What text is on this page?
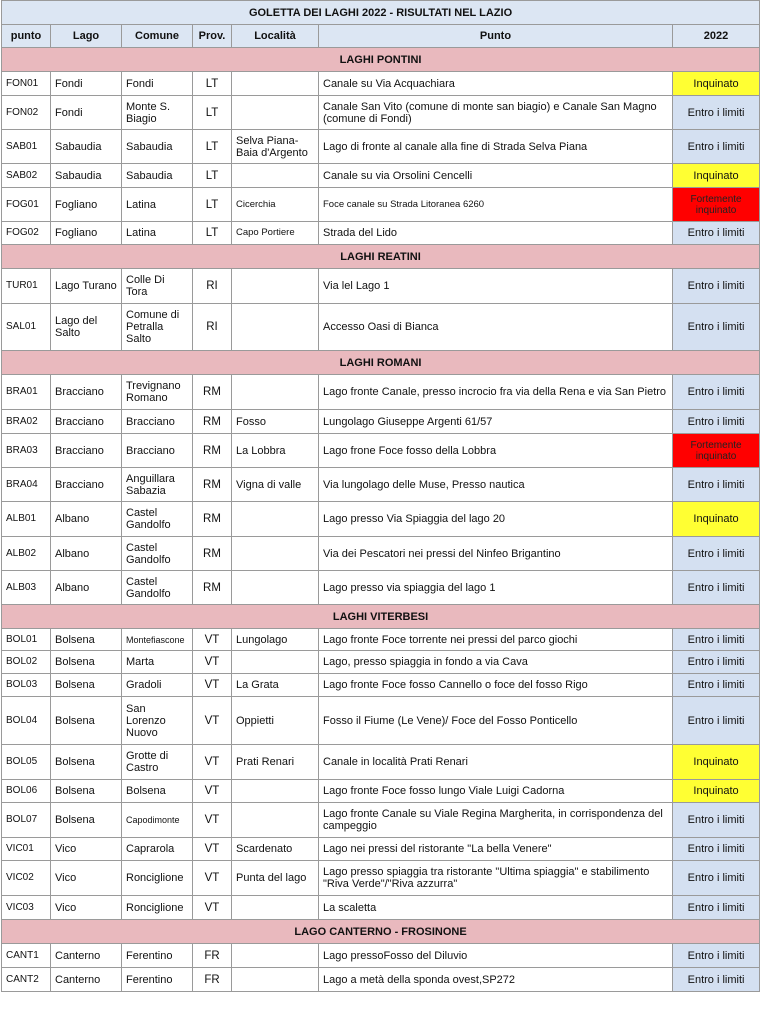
GOLETTA DEI LAGHI 2022 - RISULTATI NEL LAZIO						
punto	Lago	Comune	Prov.	Località	Punto	2022
LAGHI PONTINI						
FON01	Fondi	Fondi	LT		Canale su Via Acquachiara	Inquinato
FON02	Fondi	Monte S. Biagio	LT		Canale San Vito (comune di monte san biagio) e Canale San Magno (comune di Fondi)	Entro i limiti
SAB01	Sabaudia	Sabaudia	LT	Selva Piana-Baia d'Argento	Lago di fronte al canale alla fine di Strada Selva Piana	Entro i limiti
SAB02	Sabaudia	Sabaudia	LT		Canale su via Orsolini Cencelli	Inquinato
FOG01	Fogliano	Latina	LT	Cicerchia	Foce canale su Strada Litoranea 6260	Fortemente inquinato
FOG02	Fogliano	Latina	LT	Capo Portiere	Strada del Lido	Entro i limiti
LAGHI REATINI						
TUR01	Lago Turano	Colle Di Tora	RI		Via lel Lago 1	Entro i limiti
SAL01	Lago del Salto	Comune di Petralla Salto	RI		Accesso Oasi di Bianca	Entro i limiti
LAGHI ROMANI						
BRA01	Bracciano	Trevignano Romano	RM		Lago fronte Canale, presso incrocio fra via della Rena e via San Pietro	Entro i limiti
BRA02	Bracciano	Bracciano	RM	Fosso	Lungolago Giuseppe Argenti 61/57	Entro i limiti
BRA03	Bracciano	Bracciano	RM	La Lobbra	Lago frone Foce fosso della Lobbra	Fortemente inquinato
BRA04	Bracciano	Anguillara Sabazia	RM	Vigna di valle	Via lungolago delle Muse, Presso nautica	Entro i limiti
ALB01	Albano	Castel Gandolfo	RM		Lago presso Via Spiaggia del lago 20	Inquinato
ALB02	Albano	Castel Gandolfo	RM		Via dei Pescatori nei pressi del Ninfeo Brigantino	Entro i limiti
ALB03	Albano	Castel Gandolfo	RM		Lago presso via spiaggia del lago 1	Entro i limiti
LAGHI VITERBESI						
BOL01	Bolsena	Montefiascone	VT	Lungolago	Lago fronte Foce torrente nei pressi del parco giochi	Entro i limiti
BOL02	Bolsena	Marta	VT		Lago, presso spiaggia in fondo a via Cava	Entro i limiti
BOL03	Bolsena	Gradoli	VT	La Grata	Lago fronte Foce fosso Cannello o foce del fosso Rigo	Entro i limiti
BOL04	Bolsena	San Lorenzo Nuovo	VT	Oppietti	Fosso il Fiume (Le Vene)/ Foce del Fosso Ponticello	Entro i limiti
BOL05	Bolsena	Grotte di Castro	VT	Prati Renari	Canale in località Prati Renari	Inquinato
BOL06	Bolsena	Bolsena	VT		Lago fronte Foce fosso lungo Viale Luigi Cadorna	Inquinato
BOL07	Bolsena	Capodimonte	VT		Lago fronte Canale su Viale Regina Margherita, in corrispondenza del campeggio	Entro i limiti
VIC01	Vico	Caprarola	VT	Scardenato	Lago nei pressi del ristorante "La bella Venere"	Entro i limiti
VIC02	Vico	Ronciglione	VT	Punta del lago	Lago presso spiaggia tra ristorante "Ultima spiaggia" e stabilimento "Riva Verde"/"Riva azzurra"	Entro i limiti
VIC03	Vico	Ronciglione	VT		La scaletta	Entro i limiti
LAGO CANTERNO - FROSINONE						
CANT1	Canterno	Ferentino	FR		Lago pressoFosso del Diluvio	Entro i limiti
CANT2	Canterno	Ferentino	FR		Lago a metà della sponda ovest,SP272	Entro i limiti
